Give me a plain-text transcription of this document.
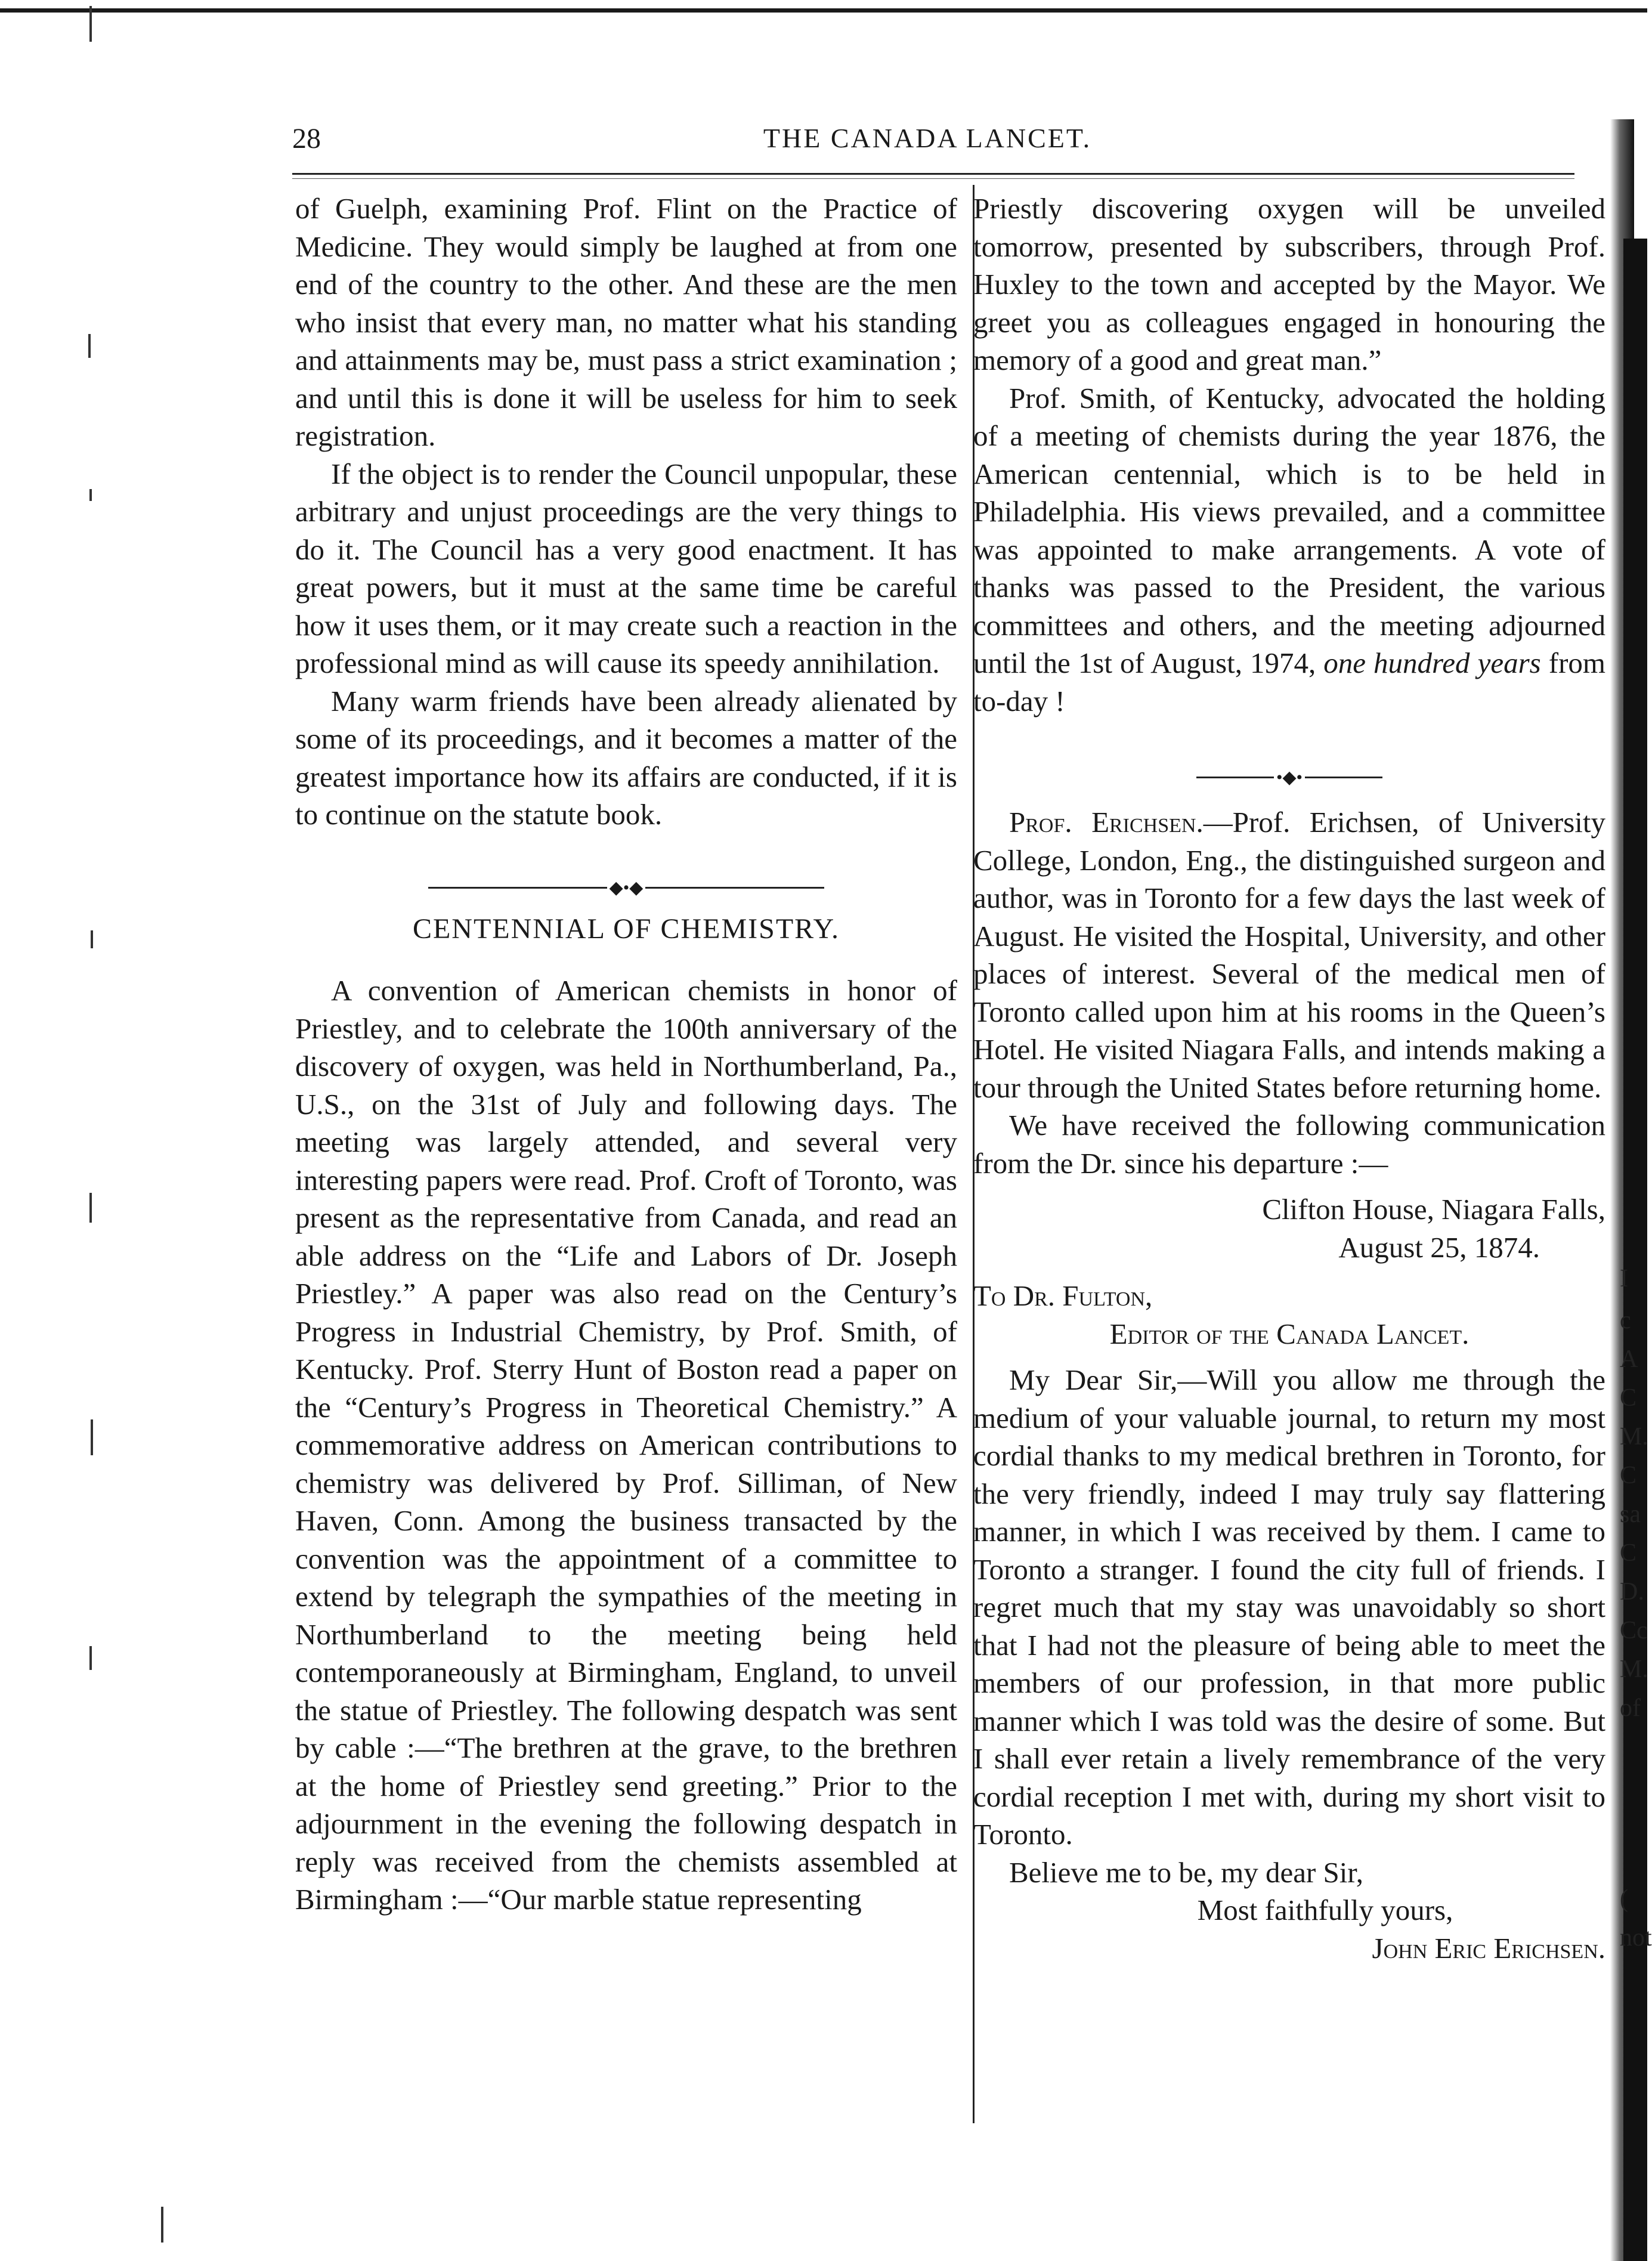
28	THE CANADA LANCET.

of Guelph, examining Prof. Flint on the Practice of Medicine. They would simply be laughed at from one end of the country to the other. And these are the men who insist that every man, no matter what his standing and attainments may be, must pass a strict examination ; and until this is done it will be useless for him to seek registration.

If the object is to render the Council unpopular, these arbitrary and unjust proceedings are the very things to do it. The Council has a very good enactment. It has great powers, but it must at the same time be careful how it uses them, or it may create such a reaction in the professional mind as will cause its speedy annihilation.

Many warm friends have been already alienated by some of its proceedings, and it becomes a matter of the greatest importance how its affairs are conducted, if it is to continue on the statute book.

◆•◆
CENTENNIAL OF CHEMISTRY.

A convention of American chemists in honor of Priestley, and to celebrate the 100th anniversary of the discovery of oxygen, was held in Northumberland, Pa., U.S., on the 31st of July and following days. The meeting was largely attended, and several very interesting papers were read. Prof. Croft of Toronto, was present as the representative from Canada, and read an able address on the “Life and Labors of Dr. Joseph Priestley.” A paper was also read on the Century’s Progress in Industrial Chemistry, by Prof. Smith, of Kentucky. Prof. Sterry Hunt of Boston read a paper on the “Century’s Progress in Theoretical Chemistry.” A commemorative address on American contributions to chemistry was delivered by Prof. Silliman, of New Haven, Conn. Among the business transacted by the convention was the appointment of a committee to extend by telegraph the sympathies of the meeting in Northumberland to the meeting being held contemporaneously at Birmingham, England, to unveil the statue of Priestley. The following despatch was sent by cable :—“The brethren at the grave, to the brethren at the home of Priestley send greeting.” Prior to the adjournment in the evening the following despatch in reply was received from the chemists assembled at Birmingham :—“Our marble statue representing

Priestly discovering oxygen will be unveiled tomorrow, presented by subscribers, through Prof. Huxley to the town and accepted by the Mayor. We greet you as colleagues engaged in honouring the memory of a good and great man.”

Prof. Smith, of Kentucky, advocated the holding of a meeting of chemists during the year 1876, the American centennial, which is to be held in Philadelphia. His views prevailed, and a committee was appointed to make arrangements. A vote of thanks was passed to the President, the various committees and others, and the meeting adjourned until the 1st of August, 1974, one hundred years from to-day !

•◆•

Prof. Erichsen.—Prof. Erichsen, of University College, London, Eng., the distinguished surgeon and author, was in Toronto for a few days the last week of August. He visited the Hospital, University, and other places of interest. Several of the medical men of Toronto called upon him at his rooms in the Queen’s Hotel. He visited Niagara Falls, and intends making a tour through the United States before returning home.

We have received the following communication from the Dr. since his departure :—

Clifton House, Niagara Falls,

August 25, 1874.

To Dr. Fulton,

Editor of the Canada Lancet.

My Dear Sir,—Will you allow me through the medium of your valuable journal, to return my most cordial thanks to my medical brethren in Toronto, for the very friendly, indeed I may truly say flattering manner, in which I was received by them. I came to Toronto a stranger. I found the city full of friends. I regret much that my stay was unavoidably so short that I had not the pleasure of being able to meet the members of our profession, in that more public manner which I was told was the desire of some. But I shall ever retain a lively remembrance of the very cordial reception I met with, during my short visit to Toronto.

Believe me to be, my dear Sir,

Most faithfully yours,

John Eric Erichsen.

I
c
A
C
M.
C
sa
C
D.
Cc
M.
of
(
not
